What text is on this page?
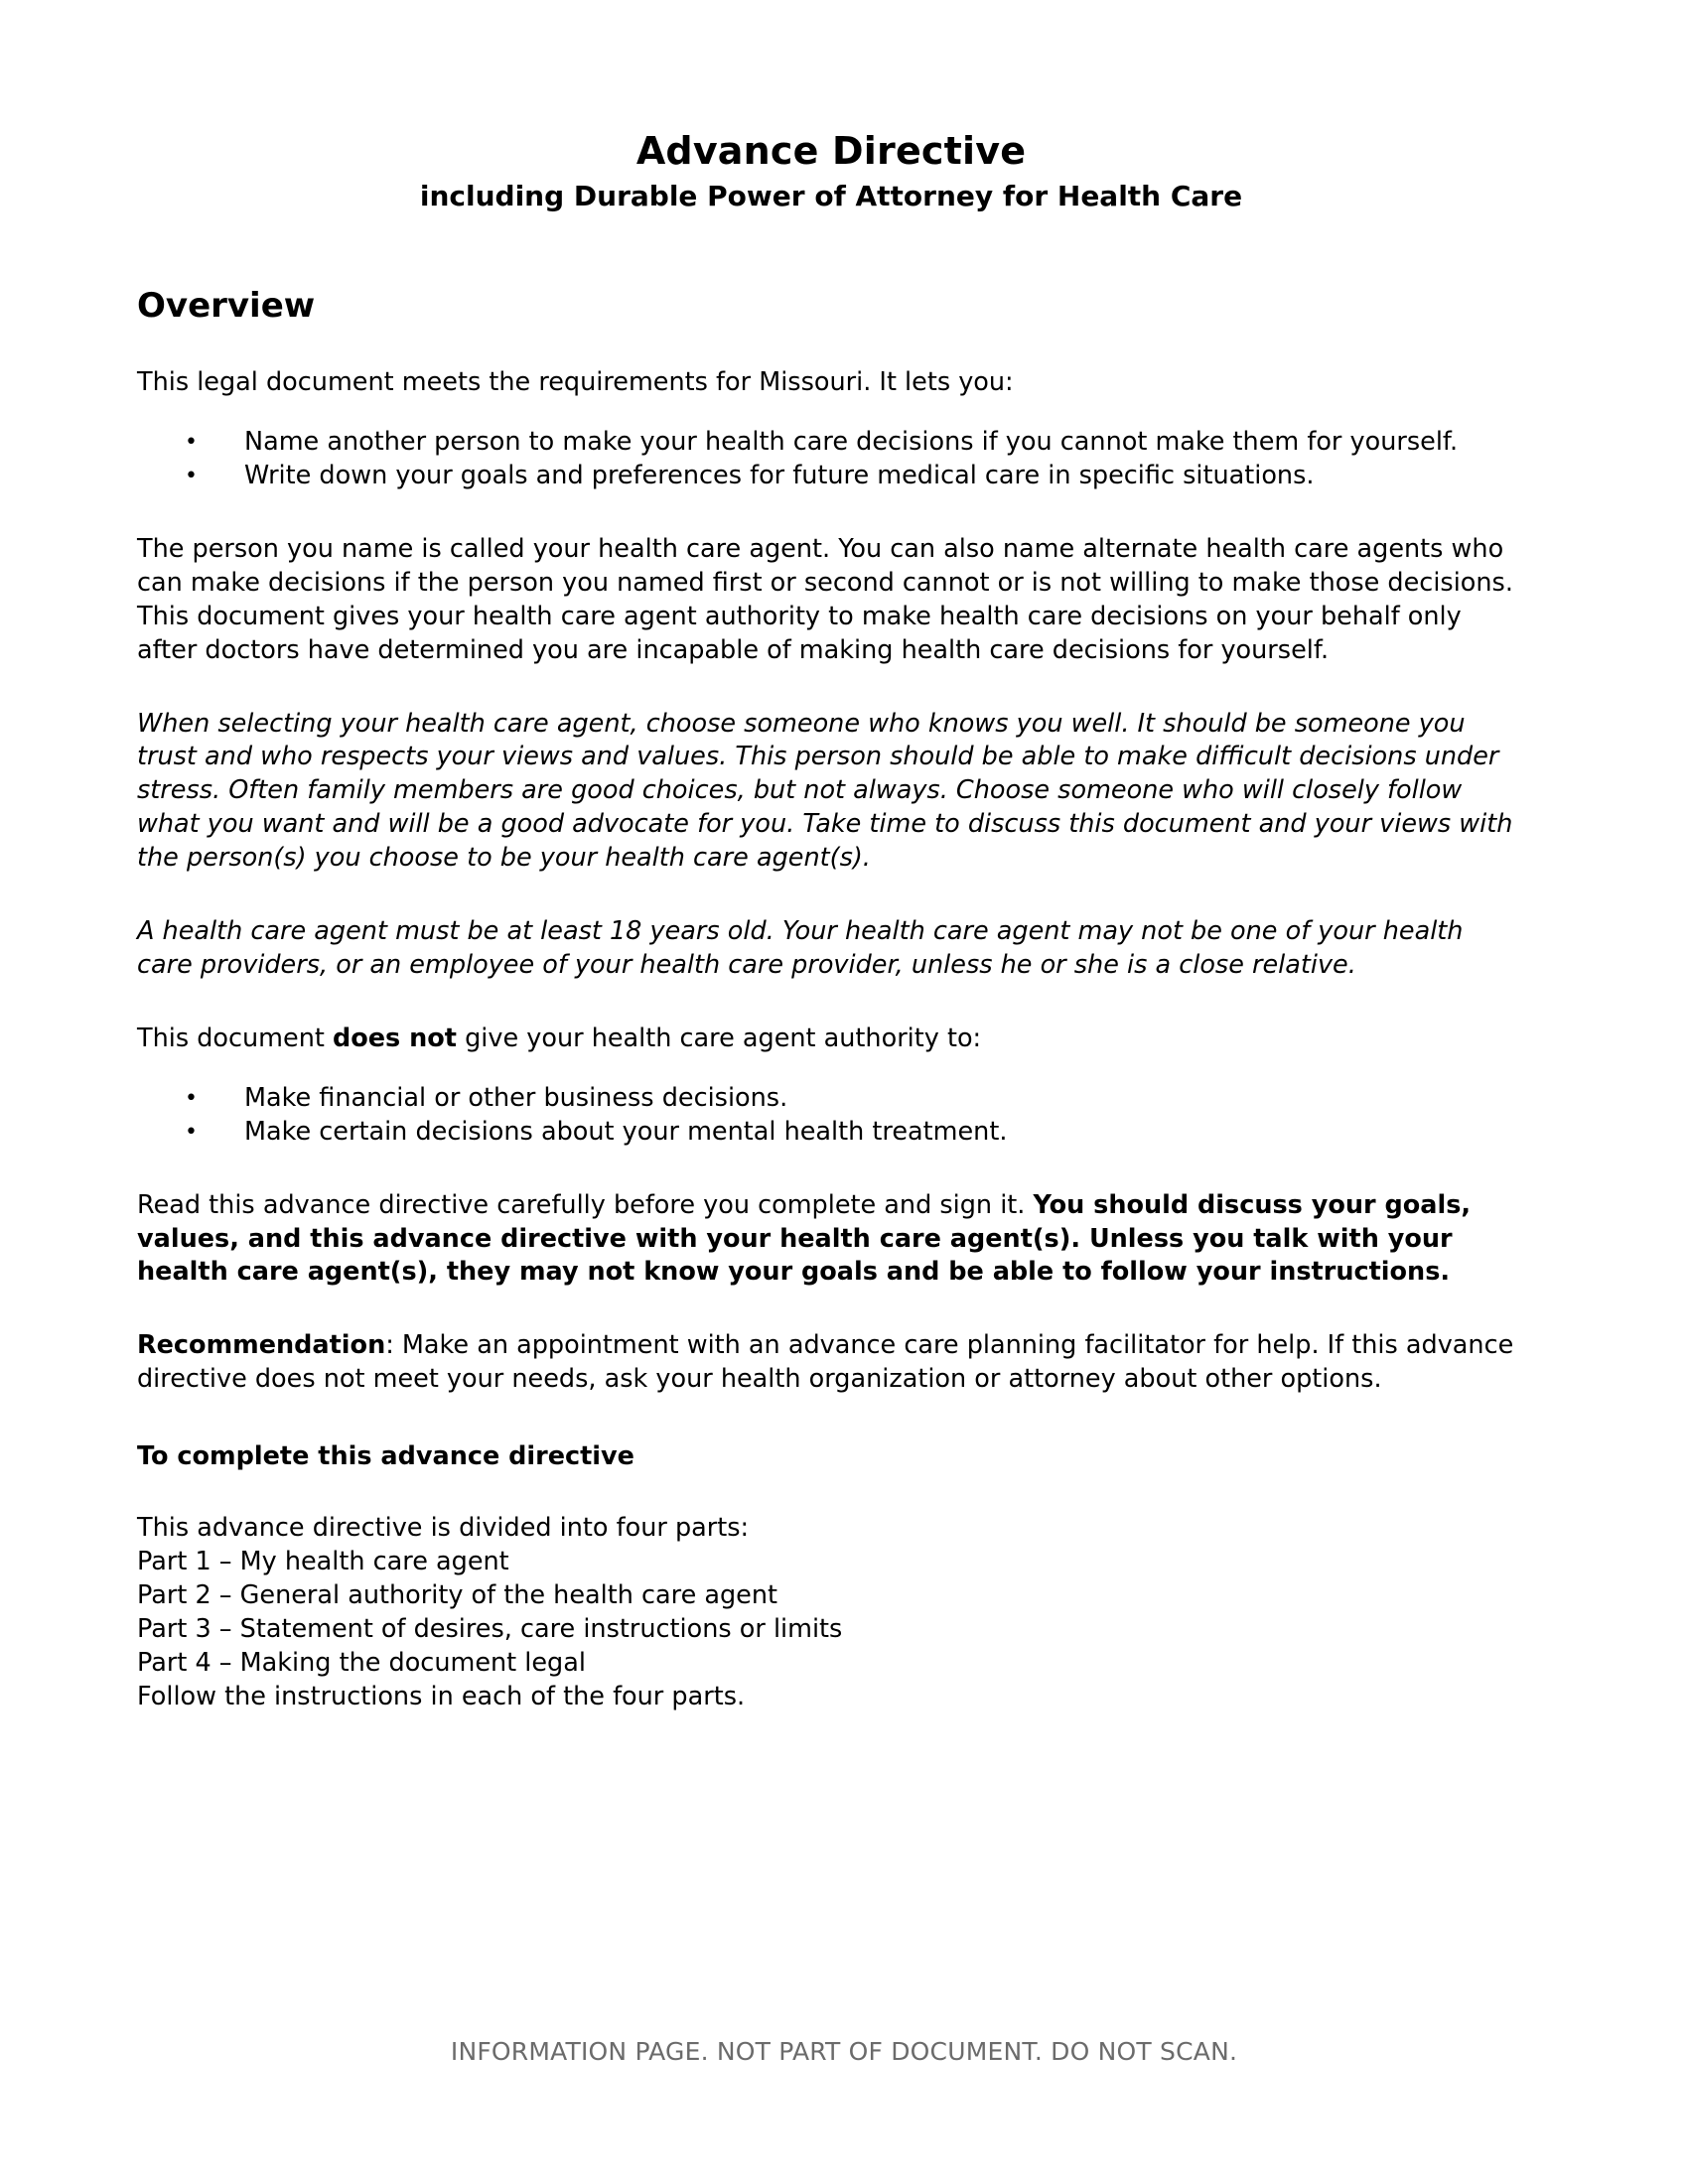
Advance Directive
including Durable Power of Attorney for Health Care
Overview

This legal document meets the requirements for Missouri. It lets you:

• Name another person to make your health care decisions if you cannot make them for yourself.
• Write down your goals and preferences for future medical care in specific situations.

The person you name is called your health care agent. You can also name alternate health care agents who can make decisions if the person you named first or second cannot or is not willing to make those decisions. This document gives your health care agent authority to make health care decisions on your behalf only after doctors have determined you are incapable of making health care decisions for yourself.

When selecting your health care agent, choose someone who knows you well. It should be someone you trust and who respects your views and values. This person should be able to make difficult decisions under stress. Often family members are good choices, but not always. Choose someone who will closely follow what you want and will be a good advocate for you. Take time to discuss this document and your views with the person(s) you choose to be your health care agent(s).

A health care agent must be at least 18 years old. Your health care agent may not be one of your health care providers, or an employee of your health care provider, unless he or she is a close relative.

This document does not give your health care agent authority to:

• Make financial or other business decisions.
• Make certain decisions about your mental health treatment.

Read this advance directive carefully before you complete and sign it. You should discuss your goals, values, and this advance directive with your health care agent(s). Unless you talk with your health care agent(s), they may not know your goals and be able to follow your instructions.

Recommendation: Make an appointment with an advance care planning facilitator for help. If this advance directive does not meet your needs, ask your health organization or attorney about other options.

To complete this advance directive

This advance directive is divided into four parts:
Part 1 – My health care agent
Part 2 – General authority of the health care agent
Part 3 – Statement of desires, care instructions or limits
Part 4 – Making the document legal
Follow the instructions in each of the four parts.
INFORMATION PAGE. NOT PART OF DOCUMENT. DO NOT SCAN.
